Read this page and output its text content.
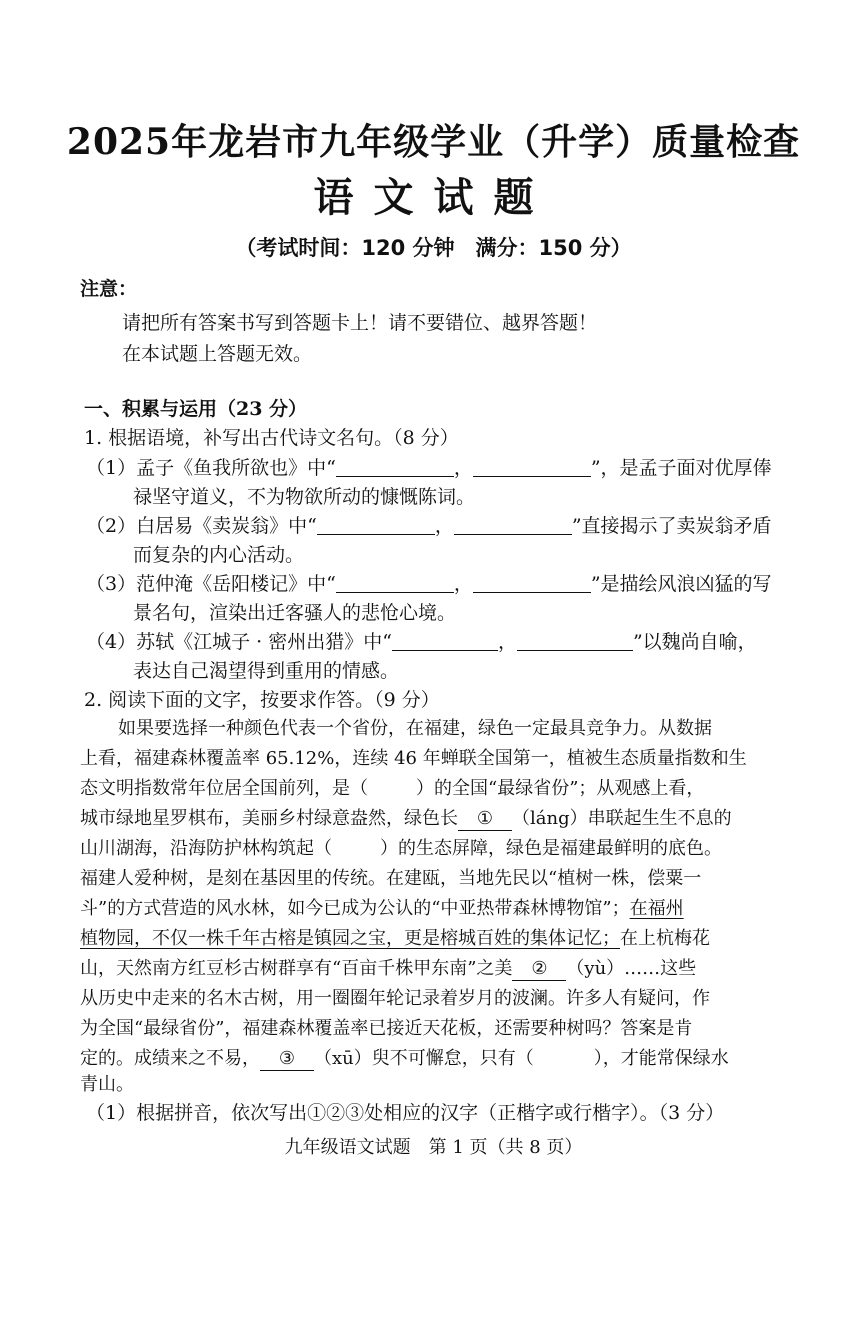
2025年龙岩市九年级学业（升学）质量检查
语文试题
（考试时间：120 分钟　满分：150 分）
注意：
请把所有答案书写到答题卡上！请不要错位、越界答题！
在本试题上答题无效。
一、积累与运用（23 分）
1. 根据语境，补写出古代诗文名句。（8 分）
（1）孟子《鱼我所欲也》中“	，	”，是孟子面对优厚俸
禄坚守道义，不为物欲所动的慷慨陈词。
（2）白居易《卖炭翁》中“	，	”直接揭示了卖炭翁矛盾
而复杂的内心活动。
（3）范仲淹《岳阳楼记》中“	，	”是描绘风浪凶猛的写
景名句，渲染出迁客骚人的悲怆心境。
（4）苏轼《江城子 · 密州出猎》中“	，	”以魏尚自喻，
表达自己渴望得到重用的情感。
2. 阅读下面的文字，按要求作答。（9 分）
如果要选择一种颜色代表一个省份，在福建，绿色一定最具竞争力。从数据
上看，福建森林覆盖率 65.12%，连续 46 年蝉联全国第一，植被生态质量指数和生
态文明指数常年位居全国前列，是（	）的全国“最绿省份”；从观感上看，
城市绿地星罗棋布，美丽乡村绿意盎然，绿色长 ① （láng）串联起生生不息的
山川湖海，沿海防护林构筑起（	）的生态屏障，绿色是福建最鲜明的底色。
福建人爱种树，是刻在基因里的传统。在建瓯，当地先民以“植树一株，偿粟一
斗”的方式营造的风水林，如今已成为公认的“中亚热带森林博物馆”；在福州
植物园，不仅一株千年古榕是镇园之宝，更是榕城百姓的集体记忆；在上杭梅花
山，天然南方红豆杉古树群享有“百亩千株甲东南”之美 ② （yù）……这些
从历史中走来的名木古树，用一圈圈年轮记录着岁月的波澜。许多人有疑问，作
为全国“最绿省份”，福建森林覆盖率已接近天花板，还需要种树吗？答案是肯
定的。成绩来之不易， ③ （xū）臾不可懈怠，只有（	），才能常保绿水
青山。
（1）根据拼音，依次写出①②③处相应的汉字（正楷字或行楷字）。（3 分）
九年级语文试题　第 1 页（共 8 页）
